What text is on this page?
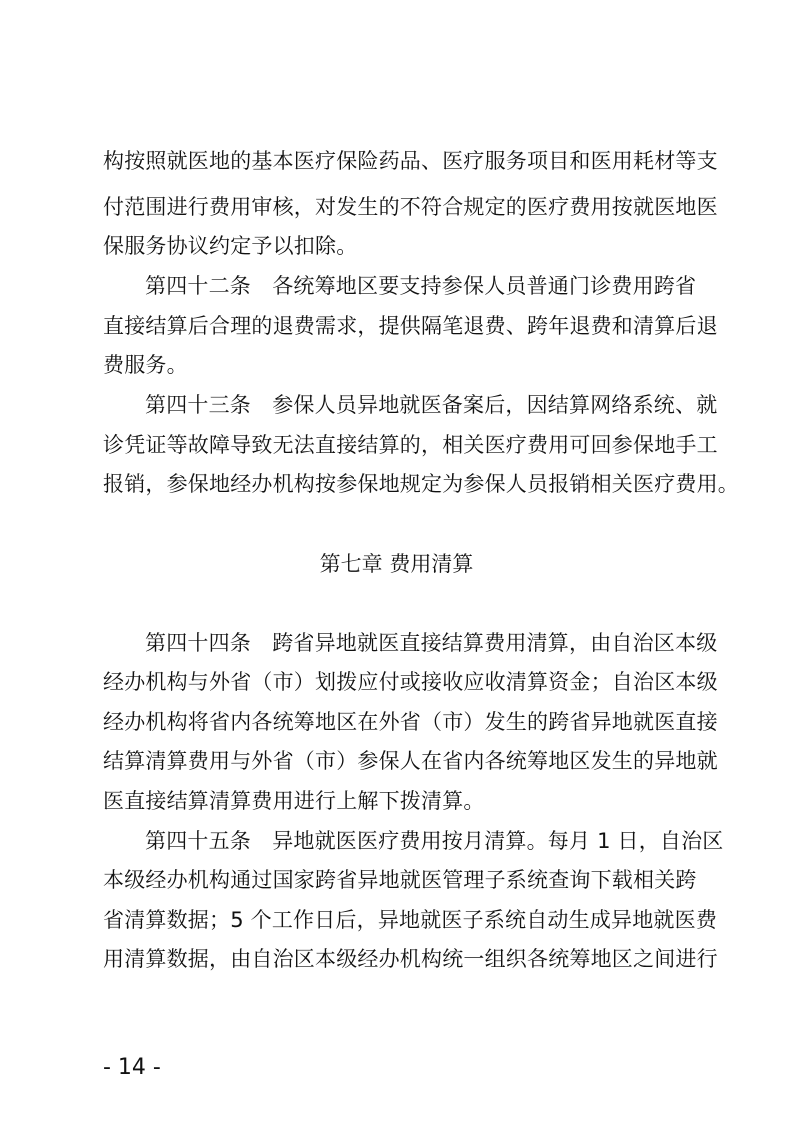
构按照就医地的基本医疗保险药品、医疗服务项目和医用耗材等支
付范围进行费用审核，对发生的不符合规定的医疗费用按就医地医
保服务协议约定予以扣除。
第四十二条　各统筹地区要支持参保人员普通门诊费用跨省
直接结算后合理的退费需求，提供隔笔退费、跨年退费和清算后退
费服务。
第四十三条　参保人员异地就医备案后，因结算网络系统、就
诊凭证等故障导致无法直接结算的，相关医疗费用可回参保地手工
报销，参保地经办机构按参保地规定为参保人员报销相关医疗费用。
第七章 费用清算
第四十四条　跨省异地就医直接结算费用清算，由自治区本级
经办机构与外省（市）划拨应付或接收应收清算资金；自治区本级
经办机构将省内各统筹地区在外省（市）发生的跨省异地就医直接
结算清算费用与外省（市）参保人在省内各统筹地区发生的异地就
医直接结算清算费用进行上解下拨清算。
第四十五条　异地就医医疗费用按月清算。每月 1 日，自治区
本级经办机构通过国家跨省异地就医管理子系统查询下载相关跨
省清算数据；5 个工作日后，异地就医子系统自动生成异地就医费
用清算数据，由自治区本级经办机构统一组织各统筹地区之间进行
- 14 -
